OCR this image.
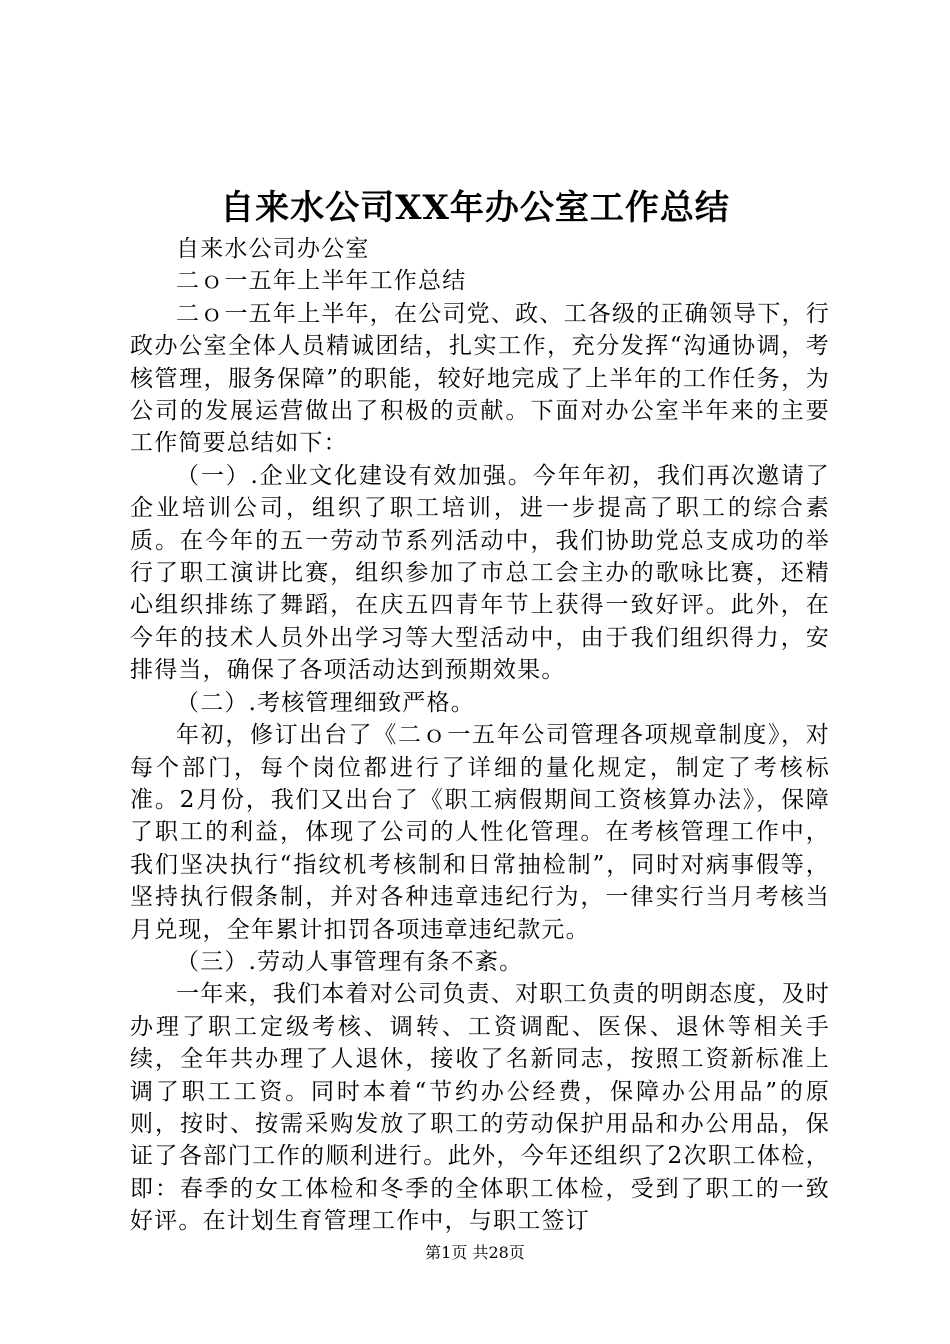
自来水公司XX年办公室工作总结

自来水公司办公室

二ｏ一五年上半年工作总结

二ｏ一五年上半年，在公司党、政、工各级的正确领导下，行政办公室全体人员精诚团结，扎实工作，充分发挥“沟通协调，考核管理，服务保障”的职能，较好地完成了上半年的工作任务，为公司的发展运营做出了积极的贡献。下面对办公室半年来的主要工作简要总结如下：

（一）.企业文化建设有效加强。今年年初，我们再次邀请了企业培训公司，组织了职工培训，进一步提高了职工的综合素质。在今年的五一劳动节系列活动中，我们协助党总支成功的举行了职工演讲比赛，组织参加了市总工会主办的歌咏比赛，还精心组织排练了舞蹈，在庆五四青年节上获得一致好评。此外，在今年的技术人员外出学习等大型活动中，由于我们组织得力，安排得当，确保了各项活动达到预期效果。

（二）.考核管理细致严格。

年初，修订出台了《二ｏ一五年公司管理各项规章制度》，对每个部门，每个岗位都进行了详细的量化规定，制定了考核标准。2月份，我们又出台了《职工病假期间工资核算办法》，保障了职工的利益，体现了公司的人性化管理。在考核管理工作中，我们坚决执行“指纹机考核制和日常抽检制”，同时对病事假等，坚持执行假条制，并对各种违章违纪行为，一律实行当月考核当月兑现，全年累计扣罚各项违章违纪款元。

（三）.劳动人事管理有条不紊。

一年来，我们本着对公司负责、对职工负责的明朗态度，及时办理了职工定级考核、调转、工资调配、医保、退休等相关手续，全年共办理了人退休，接收了名新同志，按照工资新标准上调了职工工资。同时本着“节约办公经费，保障办公用品”的原则，按时、按需采购发放了职工的劳动保护用品和办公用品，保证了各部门工作的顺利进行。此外，今年还组织了2次职工体检，即：春季的女工体检和冬季的全体职工体检，受到了职工的一致好评。在计划生育管理工作中，与职工签订

第1页 共28页
